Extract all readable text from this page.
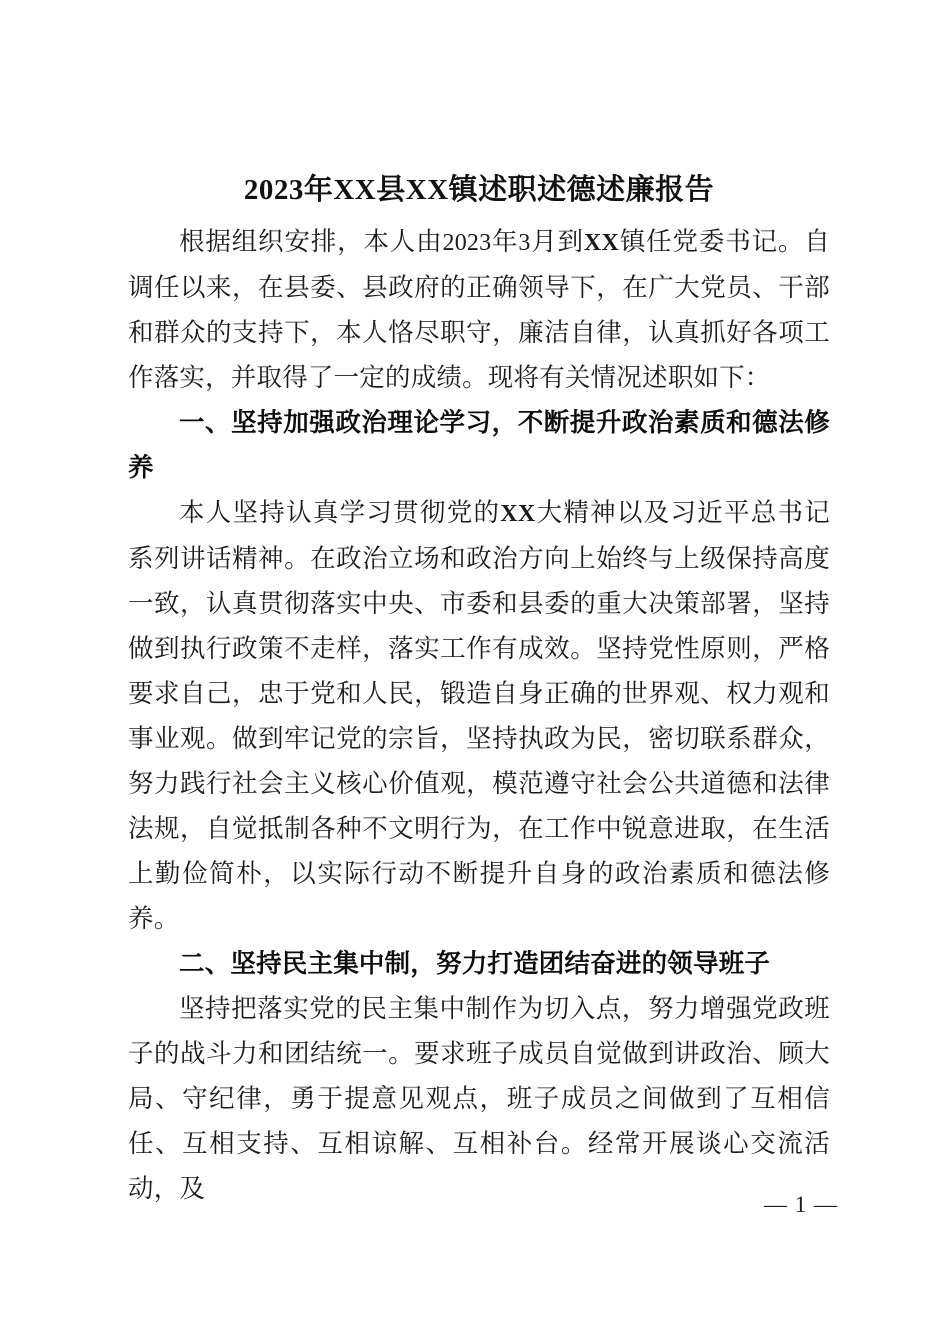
2023年XX县XX镇述职述德述廉报告

根据组织安排，本人由2023年3月到XX镇任党委书记。自调任以来，在县委、县政府的正确领导下，在广大党员、干部和群众的支持下，本人恪尽职守，廉洁自律，认真抓好各项工作落实，并取得了一定的成绩。现将有关情况述职如下：

一、坚持加强政治理论学习，不断提升政治素质和德法修养

本人坚持认真学习贯彻党的XX大精神以及习近平总书记系列讲话精神。在政治立场和政治方向上始终与上级保持高度一致，认真贯彻落实中央、市委和县委的重大决策部署，坚持做到执行政策不走样，落实工作有成效。坚持党性原则，严格要求自己，忠于党和人民，锻造自身正确的世界观、权力观和事业观。做到牢记党的宗旨，坚持执政为民，密切联系群众，努力践行社会主义核心价值观，模范遵守社会公共道德和法律法规，自觉抵制各种不文明行为，在工作中锐意进取，在生活上勤俭简朴，以实际行动不断提升自身的政治素质和德法修养。

二、坚持民主集中制，努力打造团结奋进的领导班子

坚持把落实党的民主集中制作为切入点，努力增强党政班子的战斗力和团结统一。要求班子成员自觉做到讲政治、顾大局、守纪律，勇于提意见观点，班子成员之间做到了互相信任、互相支持、互相谅解、互相补台。经常开展谈心交流活动，及

— 1 —
